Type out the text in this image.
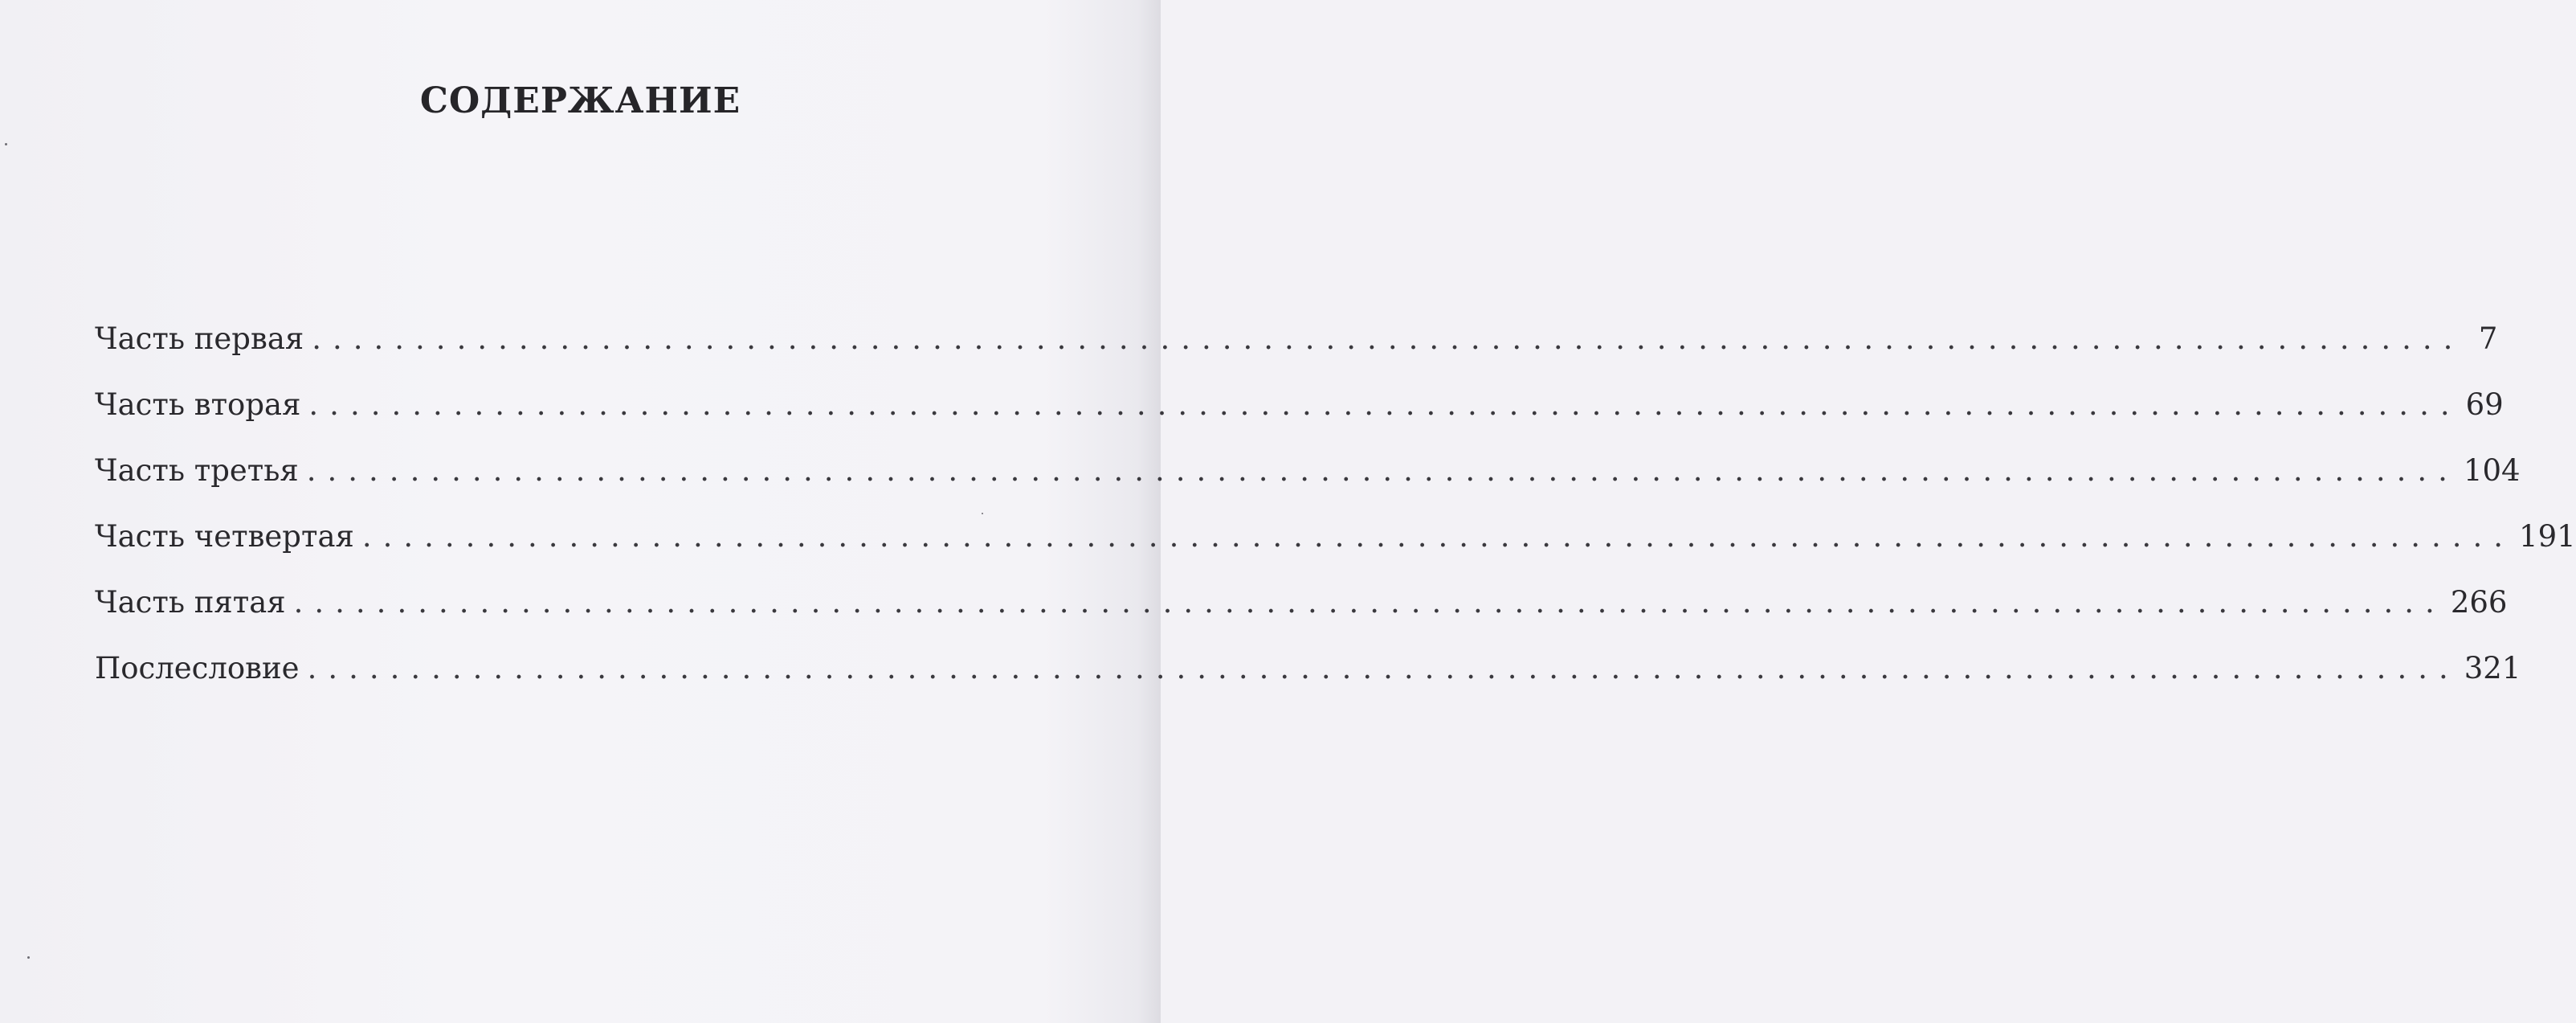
СОДЕРЖАНИЕ
Часть первая ........................................................................................................ 7
Часть вторая ........................................................................................................ 69
Часть третья ........................................................................................................ 104
Часть четвертая ........................................................................................................ 191
Часть пятая ........................................................................................................ 266
Послесловие ........................................................................................................ 321
